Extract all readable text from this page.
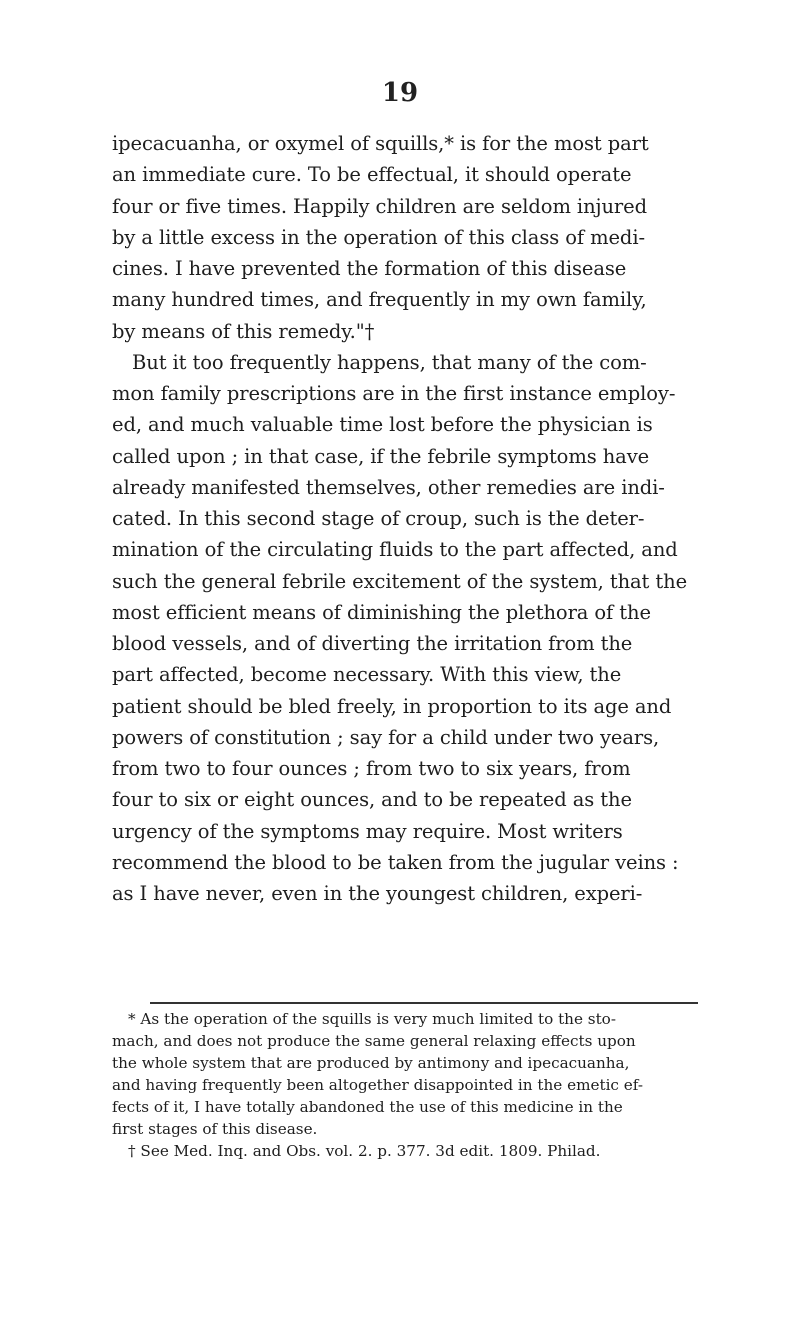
19
ipecacuanha, or oxymel of squills,* is for the most part
an immediate cure. To be effectual, it should operate
four or five times. Happily children are seldom injured
by a little excess in the operation of this class of medi-
cines. I have prevented the formation of this disease
many hundred times, and frequently in my own family,
by means of this remedy."†
But it too frequently happens, that many of the com-
mon family prescriptions are in the first instance employ-
ed, and much valuable time lost before the physician is
called upon ; in that case, if the febrile symptoms have
already manifested themselves, other remedies are indi-
cated. In this second stage of croup, such is the deter-
mination of the circulating fluids to the part affected, and
such the general febrile excitement of the system, that the
most efficient means of diminishing the plethora of the
blood vessels, and of diverting the irritation from the
part affected, become necessary. With this view, the
patient should be bled freely, in proportion to its age and
powers of constitution ; say for a child under two years,
from two to four ounces ; from two to six years, from
four to six or eight ounces, and to be repeated as the
urgency of the symptoms may require. Most writers
recommend the blood to be taken from the jugular veins :
as I have never, even in the youngest children, experi-
* As the operation of the squills is very much limited to the sto-
mach, and does not produce the same general relaxing effects upon
the whole system that are produced by antimony and ipecacuanha,
and having frequently been altogether disappointed in the emetic ef-
fects of it, I have totally abandoned the use of this medicine in the
first stages of this disease.
† See Med. Inq. and Obs. vol. 2. p. 377. 3d edit. 1809. Philad.
